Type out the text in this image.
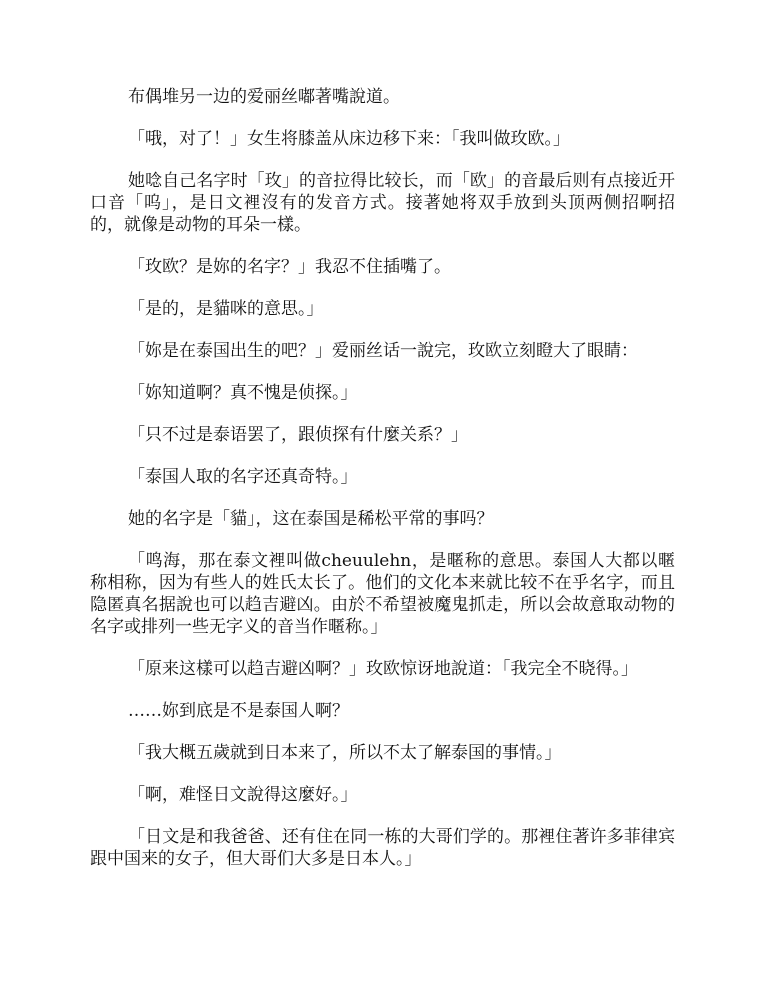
布偶堆另一边的爱丽丝嘟著嘴說道。

「哦，对了！」女生将膝盖从床边移下来：「我叫做玫欧。」

她唸自己名字时「玫」的音拉得比较长，而「欧」的音最后则有点接近开口音「呜」，是日文裡沒有的发音方式。接著她将双手放到头顶两侧招啊招的，就像是动物的耳朵一樣。

「玫欧？是妳的名字？」我忍不住插嘴了。

「是的，是貓咪的意思。」

「妳是在泰国出生的吧？」爱丽丝话一說完，玫欧立刻瞪大了眼睛：

「妳知道啊？真不愧是侦探。」

「只不过是泰语罢了，跟侦探有什麼关系？」

「泰国人取的名字还真奇特。」

她的名字是「貓」，这在泰国是稀松平常的事吗？

「鸣海，那在泰文裡叫做cheuulehn，是暱称的意思。泰国人大都以暱称相称，因为有些人的姓氏太长了。他们的文化本来就比较不在乎名字，而且隐匿真名据說也可以趋吉避凶。由於不希望被魔鬼抓走，所以会故意取动物的名字或排列一些无字义的音当作暱称。」

「原来这樣可以趋吉避凶啊？」玫欧惊讶地說道：「我完全不晓得。」

……妳到底是不是泰国人啊？

「我大概五歲就到日本来了，所以不太了解泰国的事情。」

「啊，难怪日文說得这麼好。」

「日文是和我爸爸、还有住在同一栋的大哥们学的。那裡住著许多菲律宾跟中国来的女子，但大哥们大多是日本人。」
